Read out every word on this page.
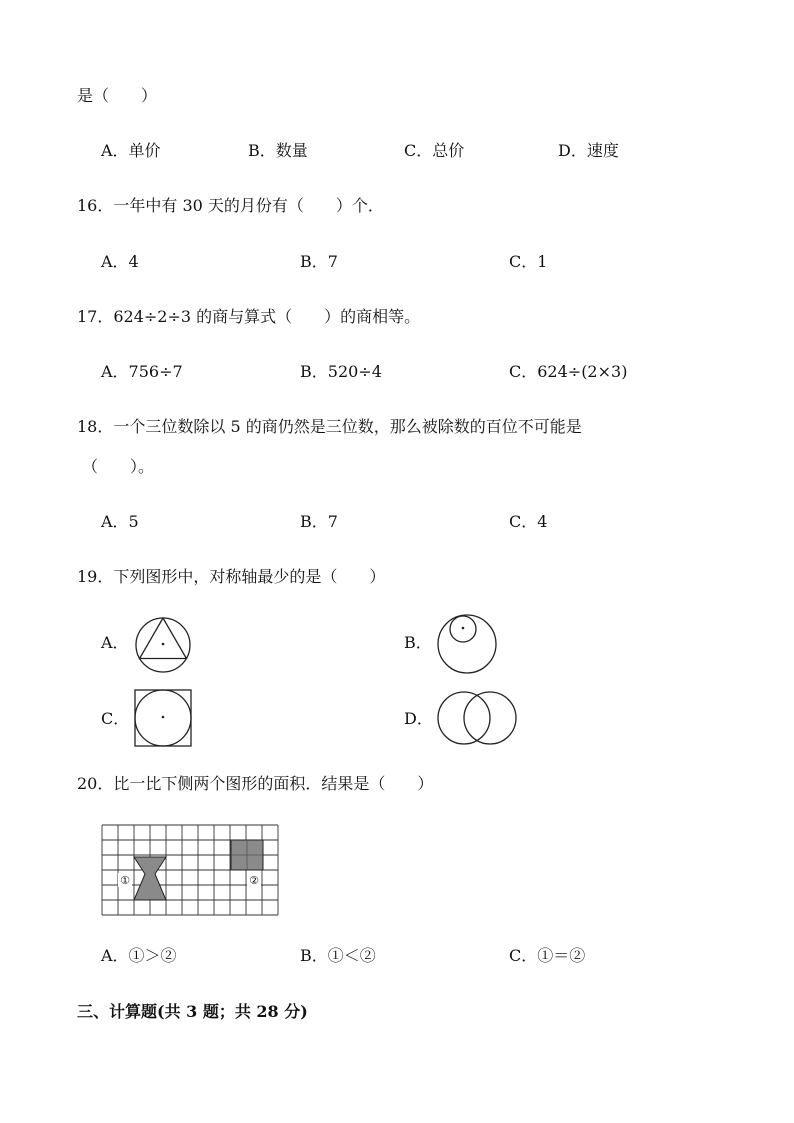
是（　　）
A．单价	B．数量	C．总价	D．速度
16．一年中有 30 天的月份有（　　）个．
A．4	B．7	C．1
17．624÷2÷3 的商与算式（　　）的商相等。
A．756÷7	B．520÷4	C．624÷(2×3)
18．一个三位数除以 5 的商仍然是三位数，那么被除数的百位不可能是
（　　）。
A．5	B．7	C．4
19．下列图形中，对称轴最少的是（　　）
A．	B．
C．	D．
20．比一比下侧两个图形的面积．结果是（　　）
①	②
A．①＞②	B．①＜②	C．①＝②
三、计算题(共 3 题；共 28 分)
